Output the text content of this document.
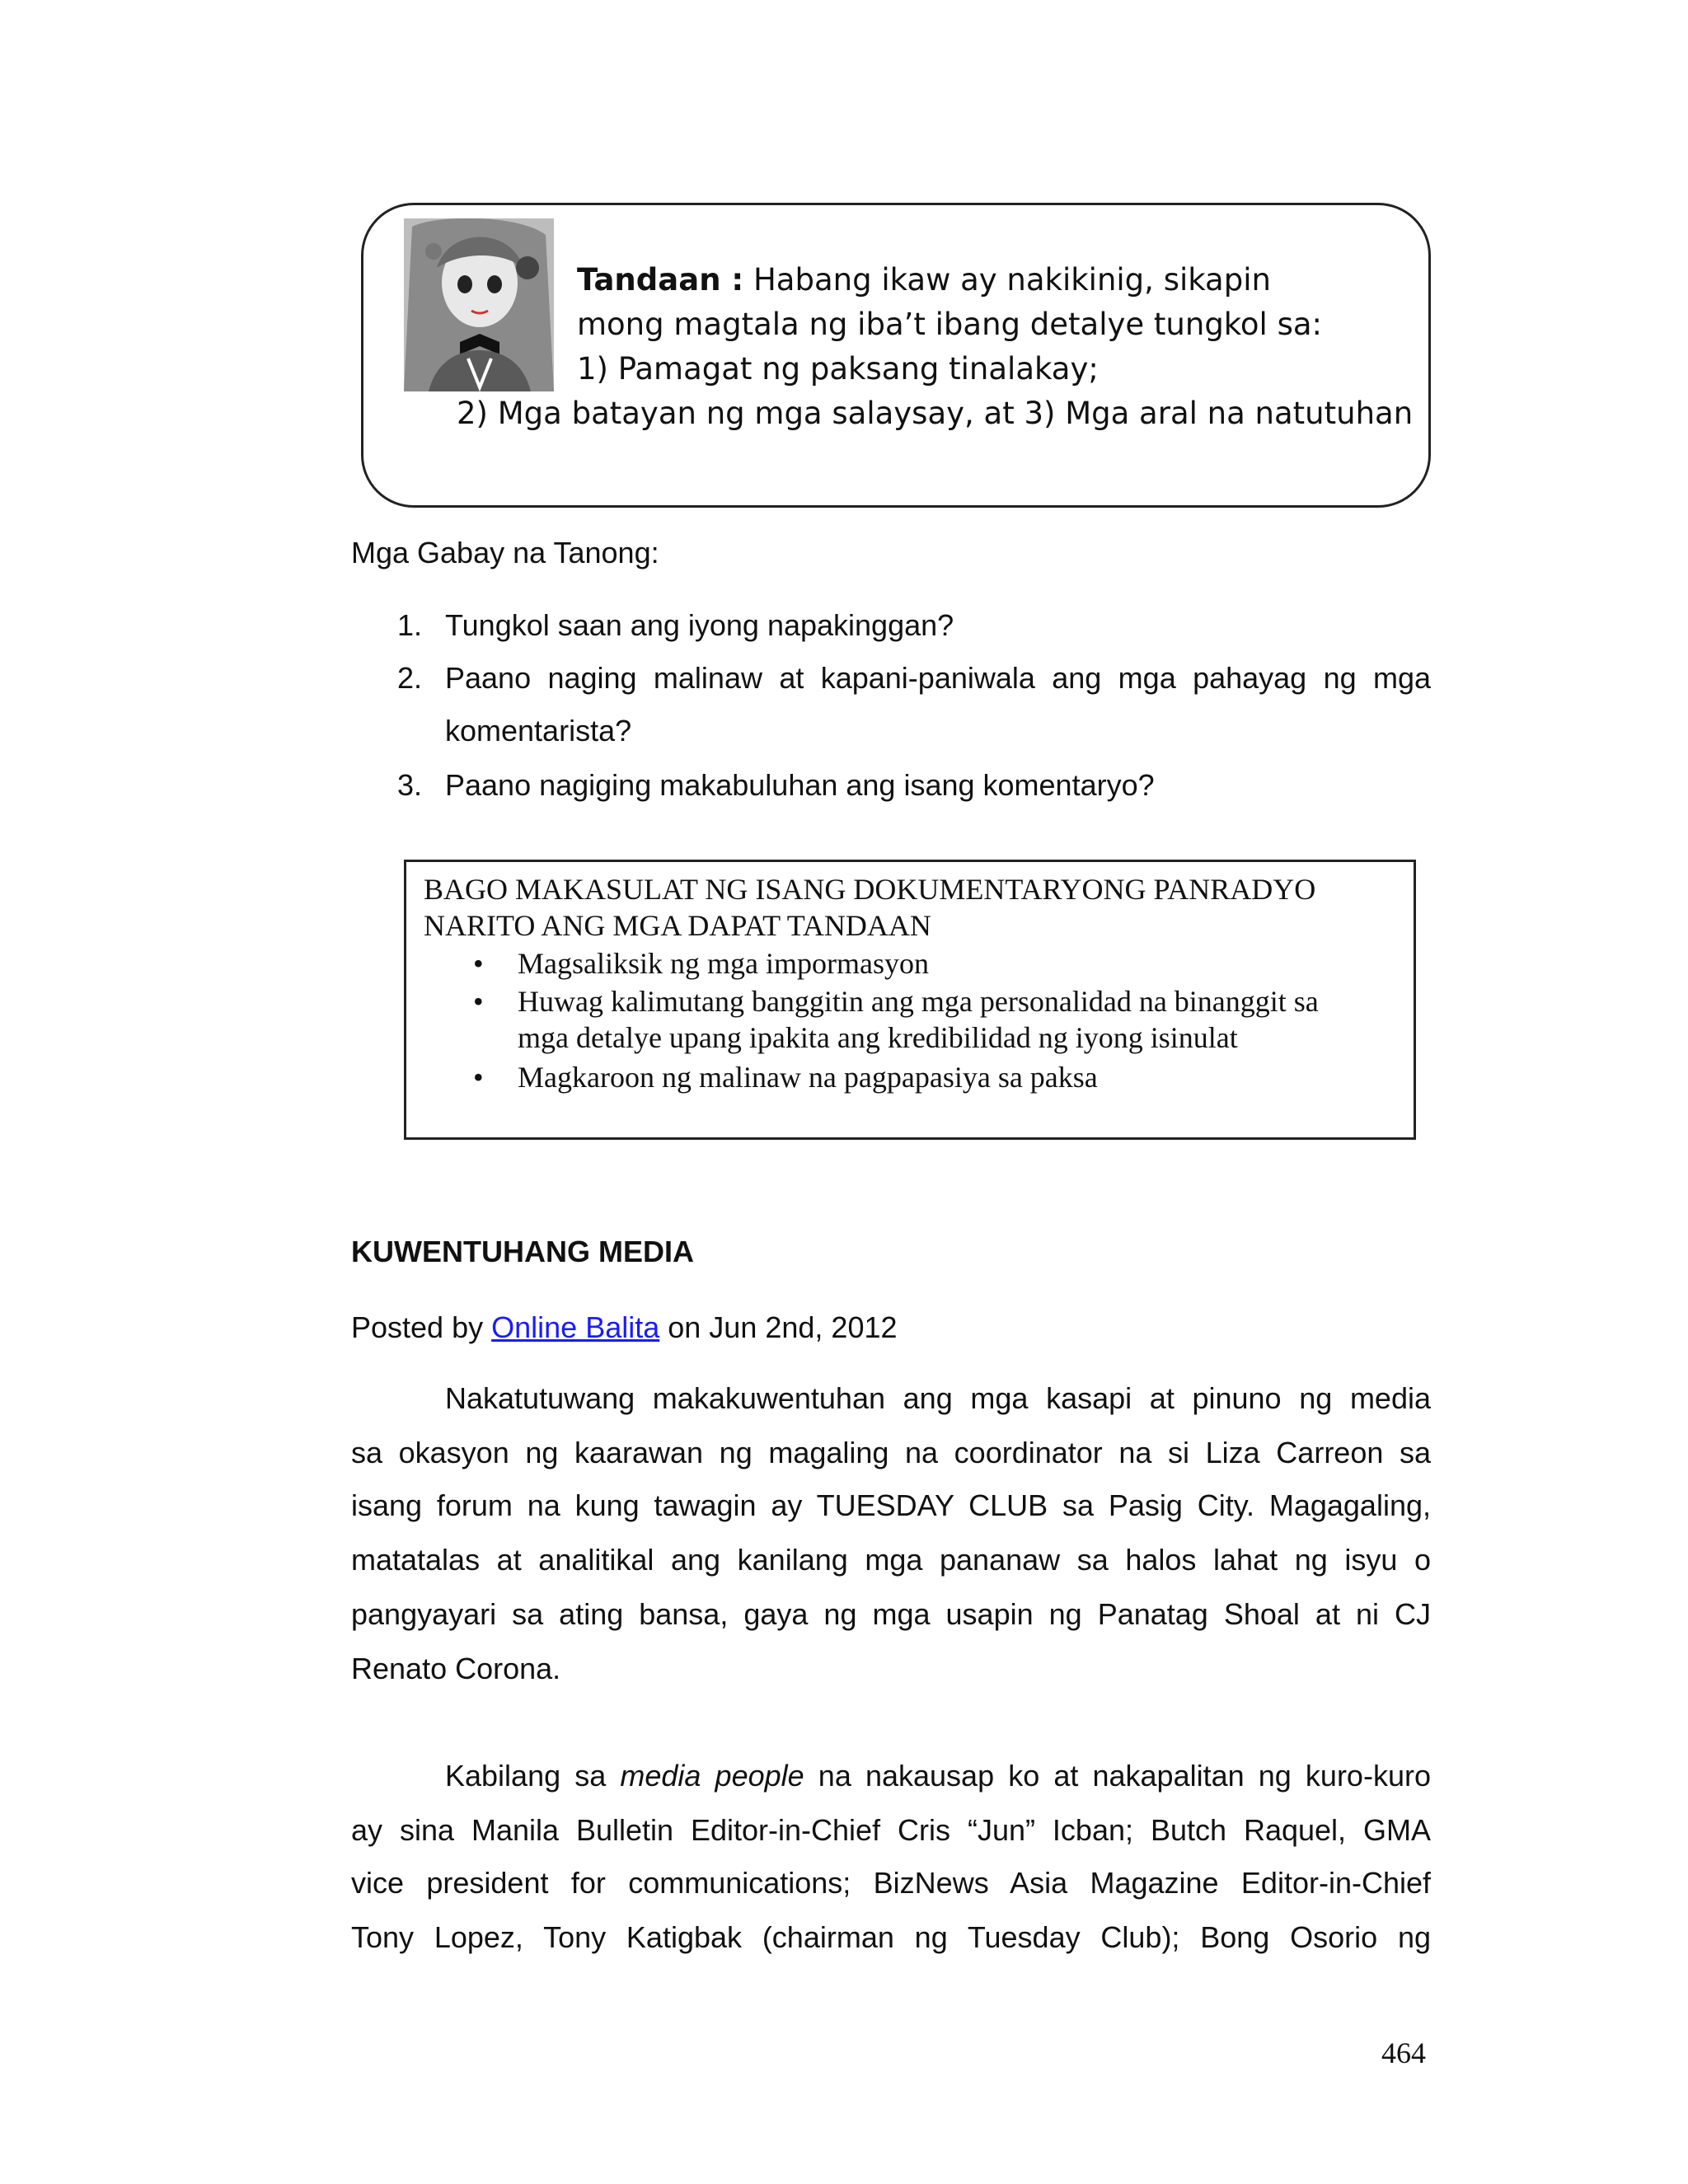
Tandaan : Habang ikaw ay nakikinig, sikapin
mong magtala ng iba’t ibang detalye tungkol sa:
1) Pamagat ng paksang tinalakay;
2) Mga batayan ng mga salaysay, at 3) Mga aral na natutuhan
Mga Gabay na Tanong:
1. Tungkol saan ang iyong napakinggan?
2. Paano naging malinaw at kapani-paniwala ang mga pahayag ng mga
komentarista?
3. Paano nagiging makabuluhan ang isang komentaryo?
BAGO MAKASULAT NG ISANG DOKUMENTARYONG PANRADYO
NARITO ANG MGA DAPAT TANDAAN
• Magsaliksik ng mga impormasyon
• Huwag kalimutang banggitin ang mga personalidad na binanggit sa
mga detalye upang ipakita ang kredibilidad ng iyong isinulat
• Magkaroon ng malinaw na pagpapasiya sa paksa
KUWENTUHANG MEDIA
Posted by Online Balita on Jun 2nd, 2012
Nakatutuwang makakuwentuhan ang mga kasapi at pinuno ng media
sa okasyon ng kaarawan ng magaling na coordinator na si Liza Carreon sa
isang forum na kung tawagin ay TUESDAY CLUB sa Pasig City. Magagaling,
matatalas at analitikal ang kanilang mga pananaw sa halos lahat ng isyu o
pangyayari sa ating bansa, gaya ng mga usapin ng Panatag Shoal at ni CJ
Renato Corona.
Kabilang sa media people na nakausap ko at nakapalitan ng kuro-kuro
ay sina Manila Bulletin Editor-in-Chief Cris “Jun” Icban; Butch Raquel, GMA
vice president for communications; BizNews Asia Magazine Editor-in-Chief
Tony Lopez, Tony Katigbak (chairman ng Tuesday Club); Bong Osorio ng
464
